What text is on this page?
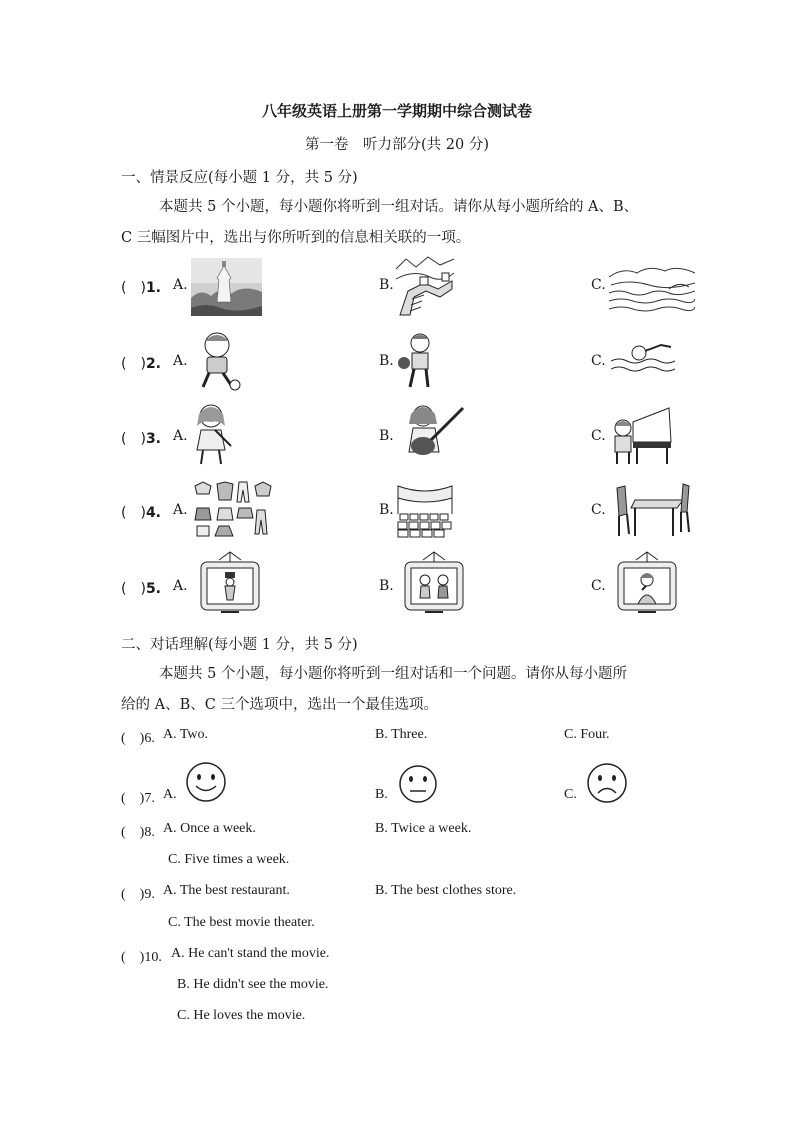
八年级英语上册第一学期期中综合测试卷
第一卷　听力部分(共 20 分)
一、情景反应(每小题 1 分，共 5 分)
本题共 5 个小题，每小题你将听到一组对话。请你从每小题所给的 A、B、
C 三幅图片中，选出与你所听到的信息相关联的一项。
(　)1. A.	B.	C.
(　)2. A.	B.	C.
(　)3. A.	B.	C.
(　)4. A.	B.	C.
(　)5. A.	B.	C.
二、对话理解(每小题 1 分，共 5 分)
本题共 5 个小题，每小题你将听到一组对话和一个问题。请你从每小题所
给的 A、B、C 三个选项中，选出一个最佳选项。
(　)6. A. Two.	B. Three.	C. Four.
(　)7. A.	B.	C.
(　)8. A. Once a week.	B. Twice a week.
C. Five times a week.
(　)9. A. The best restaurant.	B. The best clothes store.
C. The best movie theater.
(　)10. A. He can't stand the movie.
B. He didn't see the movie.
C. He loves the movie.
